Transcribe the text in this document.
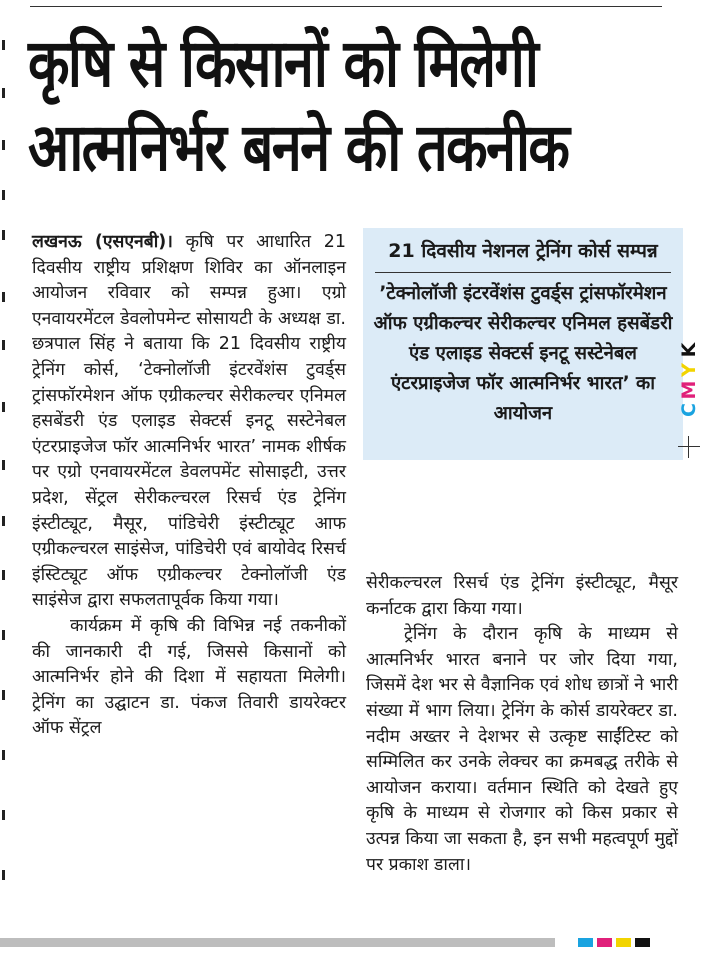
कृषि से किसानों को मिलेगी
आत्मनिर्भर बनने की तकनीक

लखनऊ (एसएनबी)। कृषि पर आधारित 21 दिवसीय राष्ट्रीय प्रशिक्षण शिविर का ऑनलाइन आयोजन रविवार को सम्पन्न हुआ। एग्रो एनवायरमेंटल डेवलोपमेन्ट सोसायटी के अध्यक्ष डा. छत्रपाल सिंह ने बताया कि 21 दिवसीय राष्ट्रीय ट्रेनिंग कोर्स, ‘टेक्नोलॉजी इंटरवेंशंस टुवर्ड्स ट्रांसफॉरमेशन ऑफ एग्रीकल्चर सेरीकल्चर एनिमल हसबेंडरी एंड एलाइड सेक्टर्स इनटू सस्टेनेबल एंटरप्राइजेज फॉर आत्मनिर्भर भारत’ नामक शीर्षक पर एग्रो एनवायरमेंटल डेवलपमेंट सोसाइटी, उत्तर प्रदेश, सेंट्रल सेरीकल्चरल रिसर्च एंड ट्रेनिंग इंस्टीट्यूट, मैसूर, पांडिचेरी इंस्टीट्यूट आफ एग्रीकल्चरल साइंसेज, पांडिचेरी एवं बायोवेद रिसर्च इंस्टिट्यूट ऑफ एग्रीकल्चर टेक्नोलॉजी एंड साइंसेज द्वारा सफलतापूर्वक किया गया।

कार्यक्रम में कृषि की विभिन्न नई तकनीकों की जानकारी दी गई, जिससे किसानों को आत्मनिर्भर होने की दिशा में सहायता मिलेगी। ट्रेनिंग का उद्घाटन डा. पंकज तिवारी डायरेक्टर ऑफ सेंट्रल

21 दिवसीय नेशनल ट्रेनिंग कोर्स सम्पन्न
’टेक्नोलॉजी इंटरवेंशंस टुवर्ड्स ट्रांसफॉरमेशन ऑफ एग्रीकल्चर सेरीकल्चर एनिमल हसबेंडरी एंड एलाइड सेक्टर्स इनटू सस्टेनेबल एंटरप्राइजेज फॉर आत्मनिर्भर भारत’ का आयोजन

सेरीकल्चरल रिसर्च एंड ट्रेनिंग इंस्टीट्यूट, मैसूर कर्नाटक द्वारा किया गया।

ट्रेनिंग के दौरान कृषि के माध्यम से आत्मनिर्भर भारत बनाने पर जोर दिया गया, जिसमें देश भर से वैज्ञानिक एवं शोध छात्रों ने भारी संख्या में भाग लिया। ट्रेनिंग के कोर्स डायरेक्टर डा. नदीम अख्तर ने देशभर से उत्कृष्ट साईंटिस्ट को सम्मिलित कर उनके लेक्चर का क्रमबद्ध तरीके से आयोजन कराया। वर्तमान स्थिति को देखते हुए कृषि के माध्यम से रोजगार को किस प्रकार से उत्पन्न किया जा सकता है, इन सभी महत्वपूर्ण मुद्दों पर प्रकाश डाला।

K
Y
M
C
